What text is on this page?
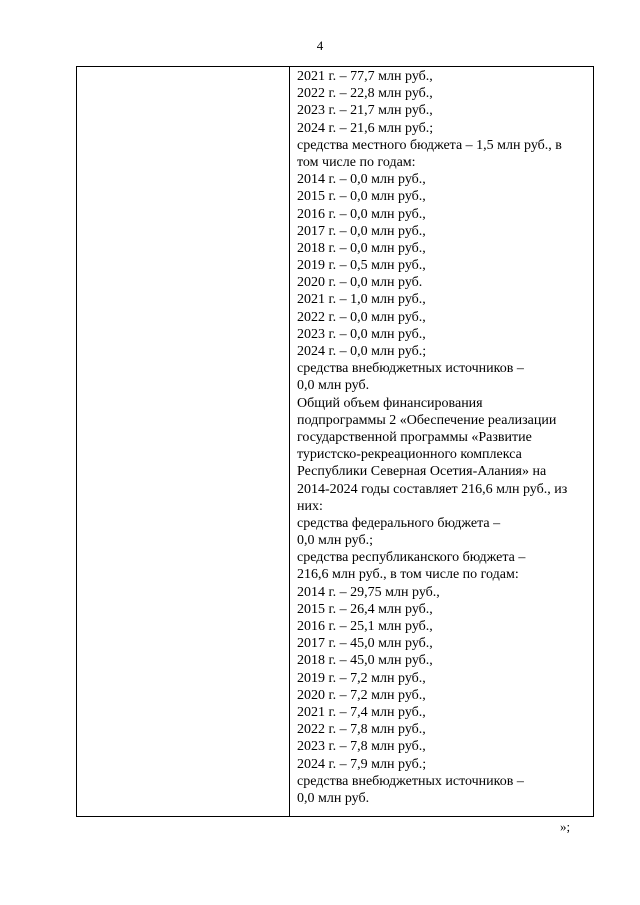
4
2021 г. – 77,7 млн руб.,
2022 г. – 22,8 млн руб.,
2023 г. – 21,7 млн руб.,
2024 г. – 21,6 млн руб.;
средства местного бюджета – 1,5 млн руб., в
том числе по годам:
2014 г. – 0,0 млн руб.,
2015 г. – 0,0 млн руб.,
2016 г. – 0,0 млн руб.,
2017 г. – 0,0 млн руб.,
2018 г. – 0,0 млн руб.,
2019 г. – 0,5 млн руб.,
2020 г. – 0,0 млн руб.
2021 г. – 1,0 млн руб.,
2022 г. – 0,0 млн руб.,
2023 г. – 0,0 млн руб.,
2024 г. – 0,0 млн руб.;
средства внебюджетных источников –
0,0 млн руб.
Общий объем финансирования
подпрограммы 2 «Обеспечение реализации
государственной программы «Развитие
туристско-рекреационного комплекса
Республики Северная Осетия-Алания» на
2014-2024 годы составляет 216,6 млн руб., из
них:
средства федерального бюджета –
0,0 млн руб.;
средства республиканского бюджета –
216,6 млн руб., в том числе по годам:
2014 г. – 29,75 млн руб.,
2015 г. – 26,4 млн руб.,
2016 г. – 25,1 млн руб.,
2017 г. – 45,0 млн руб.,
2018 г. – 45,0 млн руб.,
2019 г. – 7,2 млн руб.,
2020 г. – 7,2 млн руб.,
2021 г. – 7,4 млн руб.,
2022 г. – 7,8 млн руб.,
2023 г. – 7,8 млн руб.,
2024 г. – 7,9 млн руб.;
средства внебюджетных источников –
0,0 млн руб.
»;
